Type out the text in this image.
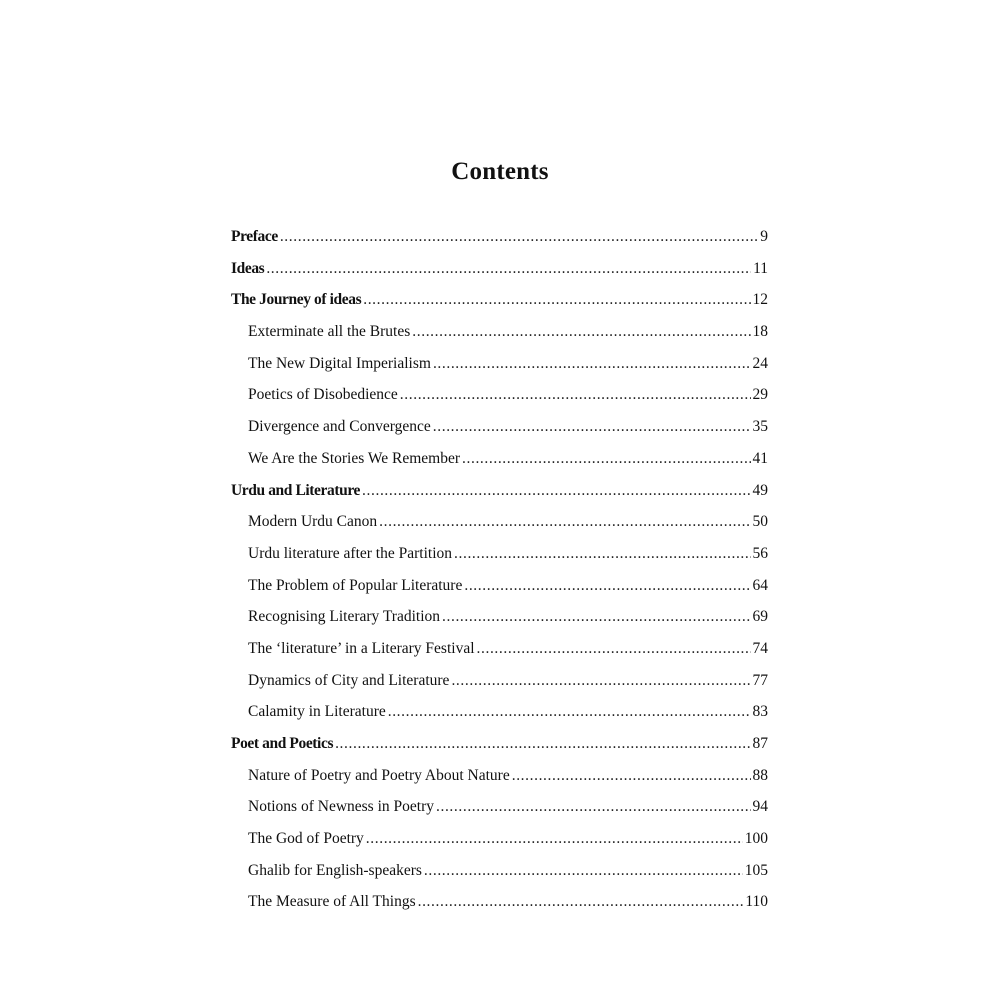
Contents
Preface .....	9
Ideas .....	11
The Journey of ideas .....	12
Exterminate all the Brutes .....	18
The New Digital Imperialism .....	24
Poetics of Disobedience .....	29
Divergence and Convergence .....	35
We Are the Stories We Remember .....	41
Urdu and Literature .....	49
Modern Urdu Canon .....	50
Urdu literature after the Partition .....	56
The Problem of Popular Literature .....	64
Recognising Literary Tradition .....	69
The ‘literature’ in a Literary Festival .....	74
Dynamics of City and Literature .....	77
Calamity in Literature .....	83
Poet and Poetics .....	87
Nature of Poetry and Poetry About Nature .....	88
Notions of Newness in Poetry .....	94
The God of Poetry .....	100
Ghalib for English-speakers .....	105
The Measure of All Things .....	110
